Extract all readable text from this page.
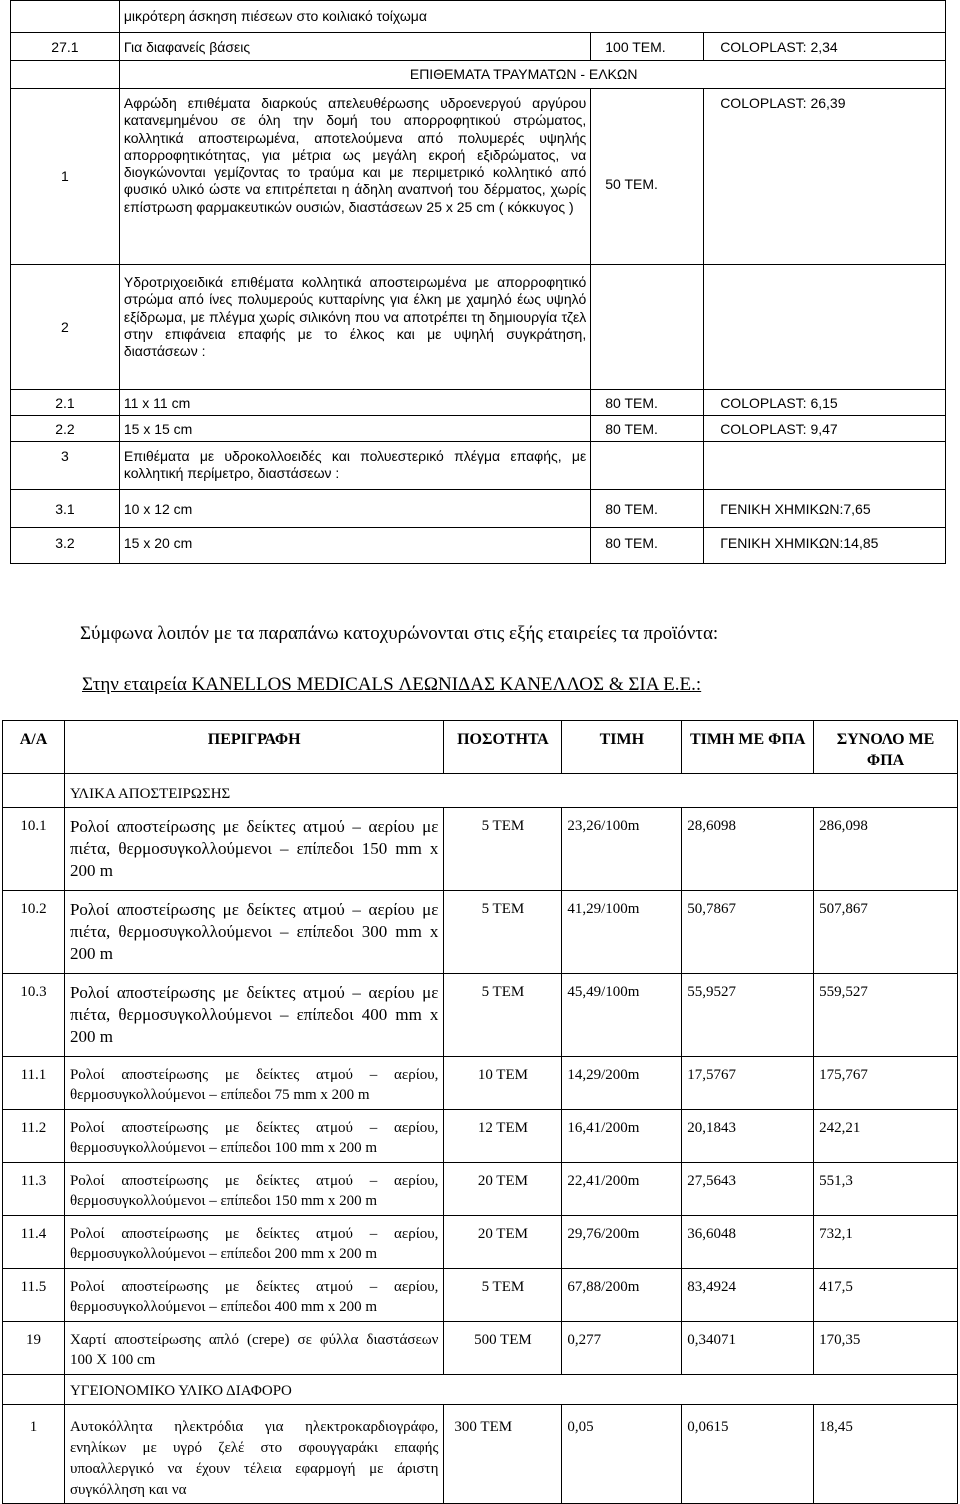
	μικρότερη άσκηση πιέσεων στο κοιλιακό τοίχωμα		
27.1	Για διαφανείς βάσεις	100 ΤΕΜ.	COLOPLAST: 2,34
	ΕΠΙΘΕΜΑΤΑ ΤΡΑΥΜΑΤΩΝ - ΕΛΚΩΝ		
1	Αφρώδη επιθέματα διαρκούς απελευθέρωσης υδροενεργού αργύρου κατανεμημένου σε όλη την δομή του απορροφητικού στρώματος, κολλητικά αποστειρωμένα, αποτελούμενα από πολυμερές υψηλής απορροφητικότητας, για μέτρια ως μεγάλη εκροή εξιδρώματος, να διογκώνονται γεμίζοντας το τραύμα και με περιμετρικό κολλητικό από φυσικό υλικό ώστε να επιτρέπεται η άδηλη αναπνοή του δέρματος, χωρίς επίστρωση φαρμακευτικών ουσιών, διαστάσεων 25 x 25 cm ( κόκκυγος )	50 ΤΕΜ.	COLOPLAST: 26,39
2	Υδροτριχοειδικά επιθέματα κολλητικά αποστειρωμένα με απορροφητικό στρώμα από ίνες πολυμερούς κυτταρίνης για έλκη με χαμηλό έως υψηλό εξίδρωμα, με πλέγμα χωρίς σιλικόνη που να αποτρέπει τη δημιουργία τζελ στην επιφάνεια επαφής με το έλκος και με υψηλή συγκράτηση, διαστάσεων :		
2.1	11 x 11 cm	80 ΤΕΜ.	COLOPLAST: 6,15
2.2	15 x 15 cm	80 ΤΕΜ.	COLOPLAST: 9,47
3	Επιθέματα με υδροκολλοειδές και πολυεστερικό πλέγμα επαφής, με κολλητική περίμετρο, διαστάσεων :		
3.1	10 x 12 cm	80 ΤΕΜ.	ΓΕΝΙΚΗ ΧΗΜΙΚΩΝ:7,65
3.2	15 x 20 cm	80 ΤΕΜ.	ΓΕΝΙΚΗ ΧΗΜΙΚΩΝ:14,85
Σύμφωνα λοιπόν με τα παραπάνω κατοχυρώνονται στις εξής εταιρείες τα προϊόντα:
Στην εταιρεία KANELLOS MEDICALS ΛΕΩΝΙΔΑΣ ΚΑΝΕΛΛΟΣ & ΣΙΑ Ε.Ε.:
Α/Α	ΠΕΡΙΓΡΑΦΗ	ΠΟΣΟΤΗΤΑ	ΤΙΜΗ	ΤΙΜΗ ΜΕ ΦΠΑ	ΣΥΝΟΛΟ ΜΕ ΦΠΑ
	ΥΛΙΚΑ ΑΠΟΣΤΕΙΡΩΣΗΣ				
10.1	Ρολοί αποστείρωσης με δείκτες ατμού – αερίου με πιέτα, θερμοσυγκολλούμενοι – επίπεδοι 150 mm x 200 m	5 ΤΕΜ	23,26/100m	28,6098	286,098
10.2	Ρολοί αποστείρωσης με δείκτες ατμού – αερίου με πιέτα, θερμοσυγκολλούμενοι – επίπεδοι 300 mm x 200 m	5 ΤΕΜ	41,29/100m	50,7867	507,867
10.3	Ρολοί αποστείρωσης με δείκτες ατμού – αερίου με πιέτα, θερμοσυγκολλούμενοι – επίπεδοι 400 mm x 200 m	5 ΤΕΜ	45,49/100m	55,9527	559,527
11.1	Ρολοί αποστείρωσης με δείκτες ατμού – αερίου, θερμοσυγκολλούμενοι – επίπεδοι 75 mm x 200 m	10 ΤΕΜ	14,29/200m	17,5767	175,767
11.2	Ρολοί αποστείρωσης με δείκτες ατμού – αερίου, θερμοσυγκολλούμενοι – επίπεδοι 100 mm x 200 m	12 ΤΕΜ	16,41/200m	20,1843	242,21
11.3	Ρολοί αποστείρωσης με δείκτες ατμού – αερίου, θερμοσυγκολλούμενοι – επίπεδοι 150 mm x 200 m	20 ΤΕΜ	22,41/200m	27,5643	551,3
11.4	Ρολοί αποστείρωσης με δείκτες ατμού – αερίου, θερμοσυγκολλούμενοι – επίπεδοι 200 mm x 200 m	20 ΤΕΜ	29,76/200m	36,6048	732,1
11.5	Ρολοί αποστείρωσης με δείκτες ατμού – αερίου, θερμοσυγκολλούμενοι – επίπεδοι 400 mm x 200 m	5 ΤΕΜ	67,88/200m	83,4924	417,5
19	Χαρτί αποστείρωσης απλό (crepe) σε φύλλα διαστάσεων 100 X 100 cm	500 ΤΕΜ	0,277	0,34071	170,35
	ΥΓΕΙΟΝΟΜΙΚΟ ΥΛΙΚΟ ΔΙΑΦΟΡΟ				
1	Αυτοκόλλητα ηλεκτρόδια για ηλεκτροκαρδιογράφο, ενηλίκων με υγρό ζελέ στο σφουγγαράκι επαφής υποαλλεργικό να έχουν τέλεια εφαρμογή με άριστη συγκόλληση και να	300 ΤΕΜ	0,05	0,0615	18,45
